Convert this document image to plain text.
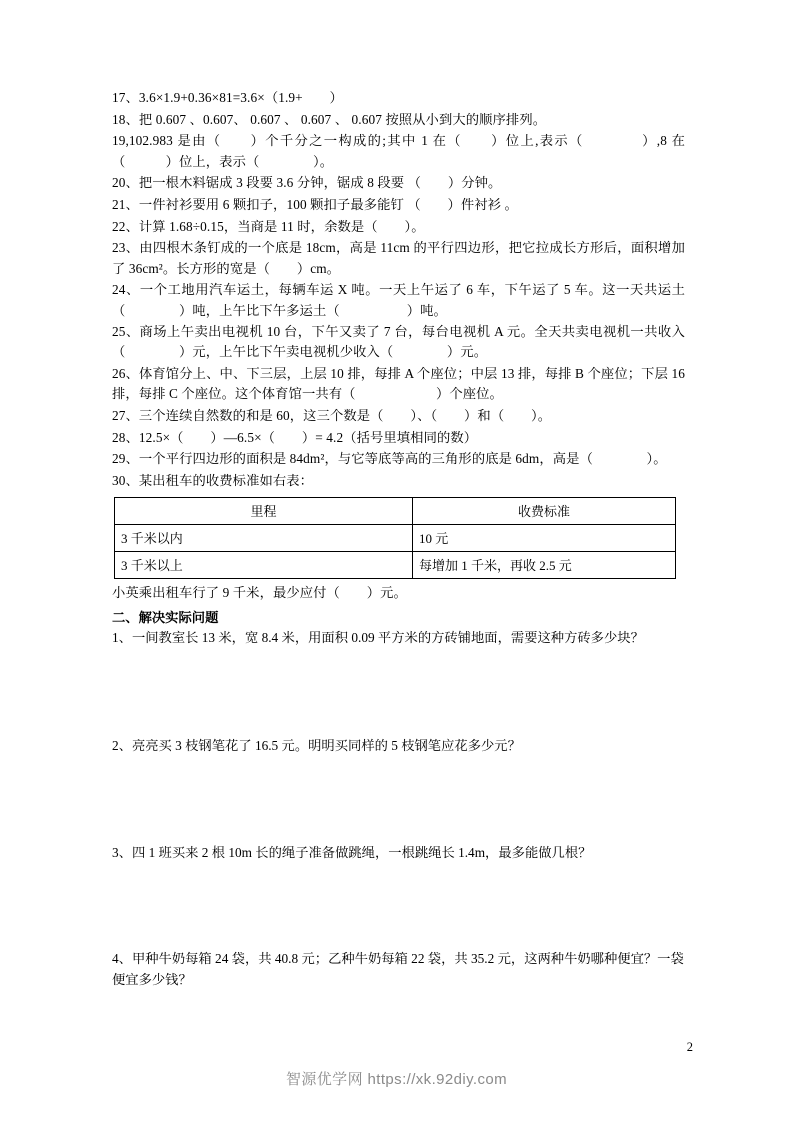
17、3.6×1.9+0.36×81=3.6×（1.9+　　）

18、把 0.607 、0.607、 0.607 、 0.607 、 0.607 按照从小到大的顺序排列。

19,102.983 是由（　　）个千分之一构成的;其中 1 在（　　）位上,表示（　　　　）,8 在（　　　）位上，表示（　　　　）。

20、把一根木料锯成 3 段要 3.6 分钟，锯成 8 段要 （　　）分钟。

21、一件衬衫要用 6 颗扣子，100 颗扣子最多能钉 （　　）件衬衫 。

22、计算 1.68÷0.15，当商是 11 时，余数是（　　）。

23、由四根木条钉成的一个底是 18cm，高是 11cm 的平行四边形，把它拉成长方形后，面积增加了 36cm²。长方形的宽是（　　）cm。

24、一个工地用汽车运土，每辆车运 X 吨。一天上午运了 6 车，下午运了 5 车。这一天共运土 （　　　　）吨，上午比下午多运土（　　　　　）吨。

25、商场上午卖出电视机 10 台，下午又卖了 7 台，每台电视机 A 元。全天共卖电视机一共收入（　　　　）元，上午比下午卖电视机少收入（　　　　）元。

26、体育馆分上、中、下三层，上层 10 排，每排 A 个座位；中层 13 排，每排 B 个座位；下层 16 排，每排 C 个座位。这个体育馆一共有（　　　　　　）个座位。

27、三个连续自然数的和是 60，这三个数是（　　）、（　　）和（　　）。

28、12.5×（　　）—6.5×（　　）= 4.2（括号里填相同的数）

29、一个平行四边形的面积是 84dm²，与它等底等高的三角形的底是 6dm，高是（　　　　）。

30、某出租车的收费标准如右表：

里程	收费标准
3 千米以内	10 元
3 千米以上	每增加 1 千米，再收 2.5 元

小英乘出租车行了 9 千米，最少应付（　　）元。

二、解决实际问题

1、一间教室长 13 米，宽 8.4 米，用面积 0.09 平方米的方砖铺地面，需要这种方砖多少块？

2、亮亮买 3 枝钢笔花了 16.5 元。明明买同样的 5 枝钢笔应花多少元？

3、四 1 班买来 2 根 10m 长的绳子准备做跳绳，一根跳绳长 1.4m，最多能做几根？

4、甲种牛奶每箱 24 袋，共 40.8 元；乙种牛奶每箱 22 袋，共 35.2 元，这两种牛奶哪种便宜？一袋便宜多少钱？

2
智源优学网 https://xk.92diy.com
